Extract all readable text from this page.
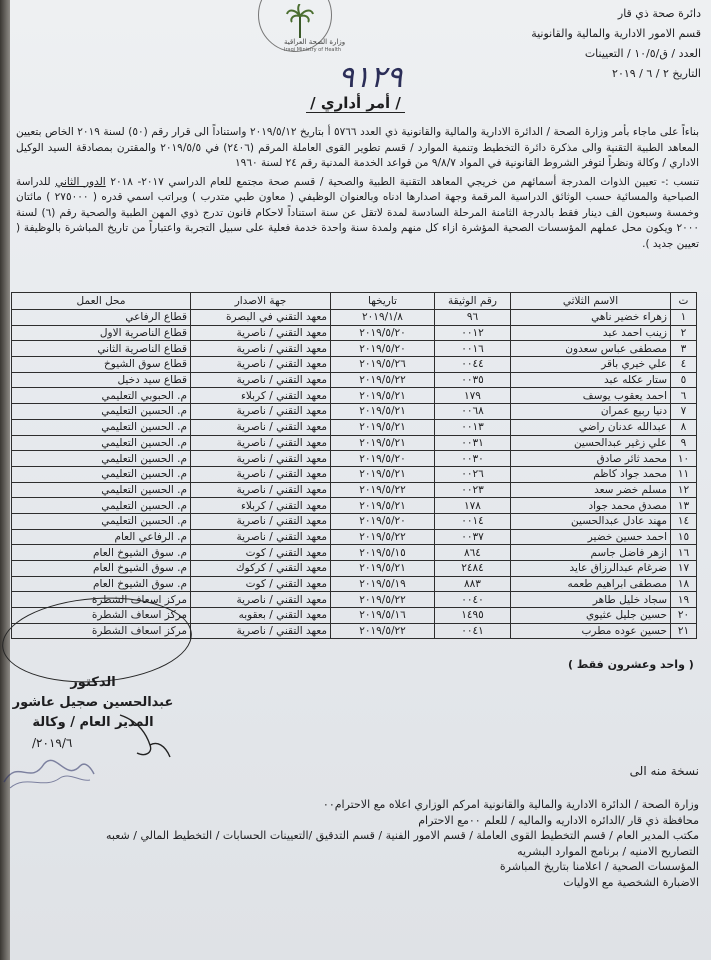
دائرة صحة ذي قار
قسم الامور الادارية والمالية والقانونية
العدد / ق/١٠/٥ / التعيينات
التاريخ ٢ / ٦ / ٢٠١٩
وزارة الصحة العراقية
Iraqi Ministry of Health
٩١٢٩
/ أمر أداري /

بناءاً على ماجاء بأمر وزارة الصحة / الدائرة الادارية والمالية والقانونية ذي العدد ٥٧٦٦ أ بتاريخ ٢٠١٩/٥/١٢ واستناداً الى قرار رقم (٥٠) لسنة ٢٠١٩ الخاص بتعيين المعاهد الطبية التقنية والى مذكرة دائرة التخطيط وتنمية الموارد / قسم تطوير القوى العاملة المرقم (٢٤٠٦) في ٢٠١٩/٥/٥ والمقترن بمصادقة السيد الوكيل الاداري / وكالة ونظراً لتوفر الشروط القانونية في المواد ٩/٨/٧ من قواعد الخدمة المدنية رقم ٢٤ لسنة ١٩٦٠

تنسب :- تعيين الذوات المدرجة أسمائهم من خريجي المعاهد التقنية الطبية والصحية / قسم صحة مجتمع للعام الدراسي ٢٠١٧- ٢٠١٨ الدور الثاني للدراسة الصباحية والمسائية حسب الوثائق الدراسية المرقمة وجهة اصدارها ادناه وبالعنوان الوظيفي ( معاون طبي متدرب ) وبراتب اسمي قدره ( ٢٧٥٠٠٠ ) مائتان وخمسة وسبعون الف دينار فقط بالدرجة الثامنة المرحلة السادسة لمدة لاتقل عن سنة استناداً لاحكام قانون تدرج ذوي المهن الطبية والصحية رقم (٦) لسنة ٢٠٠٠ ويكون محل عملهم المؤسسات الصحية المؤشرة ازاء كل منهم ولمدة سنة واحدة خدمة فعلية على سبيل التجربة واعتباراً من تاريخ المباشرة بالوظيفة ( تعيين جديد ).

ت	الاسم الثلاثي	رقم الوثيقة	تاريخها	جهة الاصدار	محل العمل
١	زهراء خضير ناهي	٩٦	٢٠١٩/١/٨	معهد التقني في البصرة	قطاع الرفاعي
٢	زينب احمد عبد	٠٠١٢	٢٠١٩/٥/٢٠	معهد التقني / ناصرية	قطاع الناصرية الاول
٣	مصطفى عباس سعدون	٠٠١٦	٢٠١٩/٥/٢٠	معهد التقني / ناصرية	قطاع الناصرية الثاني
٤	علي خيري باقر	٠٠٤٤	٢٠١٩/٥/٢٦	معهد التقني / ناصرية	قطاع سوق الشيوخ
٥	ستار عكله عبد	٠٠٣٥	٢٠١٩/٥/٢٢	معهد التقني / ناصرية	قطاع سيد دخيل
٦	احمد يعقوب يوسف	١٧٩	٢٠١٩/٥/٢١	معهد التقني / كربلاء	م. الحبوبي التعليمي
٧	دنيا ربيع عمران	٠٠٦٨	٢٠١٩/٥/٢١	معهد التقني / ناصرية	م. الحسين التعليمي
٨	عبدالله عدنان راضي	٠٠١٣	٢٠١٩/٥/٢١	معهد التقني / ناصرية	م. الحسين التعليمي
٩	علي زغير عبدالحسين	٠٠٣١	٢٠١٩/٥/٢١	معهد التقني / ناصرية	م. الحسين التعليمي
١٠	محمد ثائر صادق	٠٠٣٠	٢٠١٩/٥/٢٠	معهد التقني / ناصرية	م. الحسين التعليمي
١١	محمد جواد كاظم	٠٠٢٦	٢٠١٩/٥/٢١	معهد التقني / ناصرية	م. الحسين التعليمي
١٢	مسلم خضر سعد	٠٠٢٣	٢٠١٩/٥/٢٢	معهد التقني / ناصرية	م. الحسين التعليمي
١٣	مصدق محمد جواد	١٧٨	٢٠١٩/٥/٢١	معهد التقني / كربلاء	م. الحسين التعليمي
١٤	مهند عادل عبدالحسين	٠٠١٤	٢٠١٩/٥/٢٠	معهد التقني / ناصرية	م. الحسين التعليمي
١٥	احمد حسين خضير	٠٠٣٧	٢٠١٩/٥/٢٢	معهد التقني / ناصرية	م. الرفاعي العام
١٦	ازهر فاضل جاسم	٨٦٤	٢٠١٩/٥/١٥	معهد التقني / كوت	م. سوق الشيوخ العام
١٧	ضرغام عبدالرزاق عايد	٢٤٨٤	٢٠١٩/٥/٢١	معهد التقني / كركوك	م. سوق الشيوخ العام
١٨	مصطفى ابراهيم طعمه	٨٨٣	٢٠١٩/٥/١٩	معهد التقني / كوت	م. سوق الشيوخ العام
١٩	سجاد خليل طاهر	٠٠٤٠	٢٠١٩/٥/٢٢	معهد التقني / ناصرية	مركز اسعاف الشطرة
٢٠	حسين جليل عثيوي	١٤٩٥	٢٠١٩/٥/١٦	معهد التقني / بعقوبه	مركز اسعاف الشطرة
٢١	حسين عوده مطرب	٠٠٤١	٢٠١٩/٥/٢٢	معهد التقني / ناصرية	مركز اسعاف الشطرة
( واحد وعشرون فقط )
الدكتور
عبدالحسين صجيل عاشور
المدير العام / وكالة
٢٠١٩/٦/
نسخة منه الى
وزارة الصحة / الدائرة الادارية والمالية والقانونية امركم الوزاري اعلاه مع الاحترام٠٠
محافظة ذي قار /الدائره الاداريه والماليه / للعلم ٠٠مع الاحترام
مكتب المدير العام / قسم التخطيط القوى العاملة / قسم الامور الفنية / قسم التدقيق /التعيينات الحسابات / التخطيط المالي / شعبه
التصاريح الامنيه / برنامج الموارد البشريه
المؤسسات الصحية / اعلامنا بتاريخ المباشرة
الاضبارة الشخصية مع الاوليات
